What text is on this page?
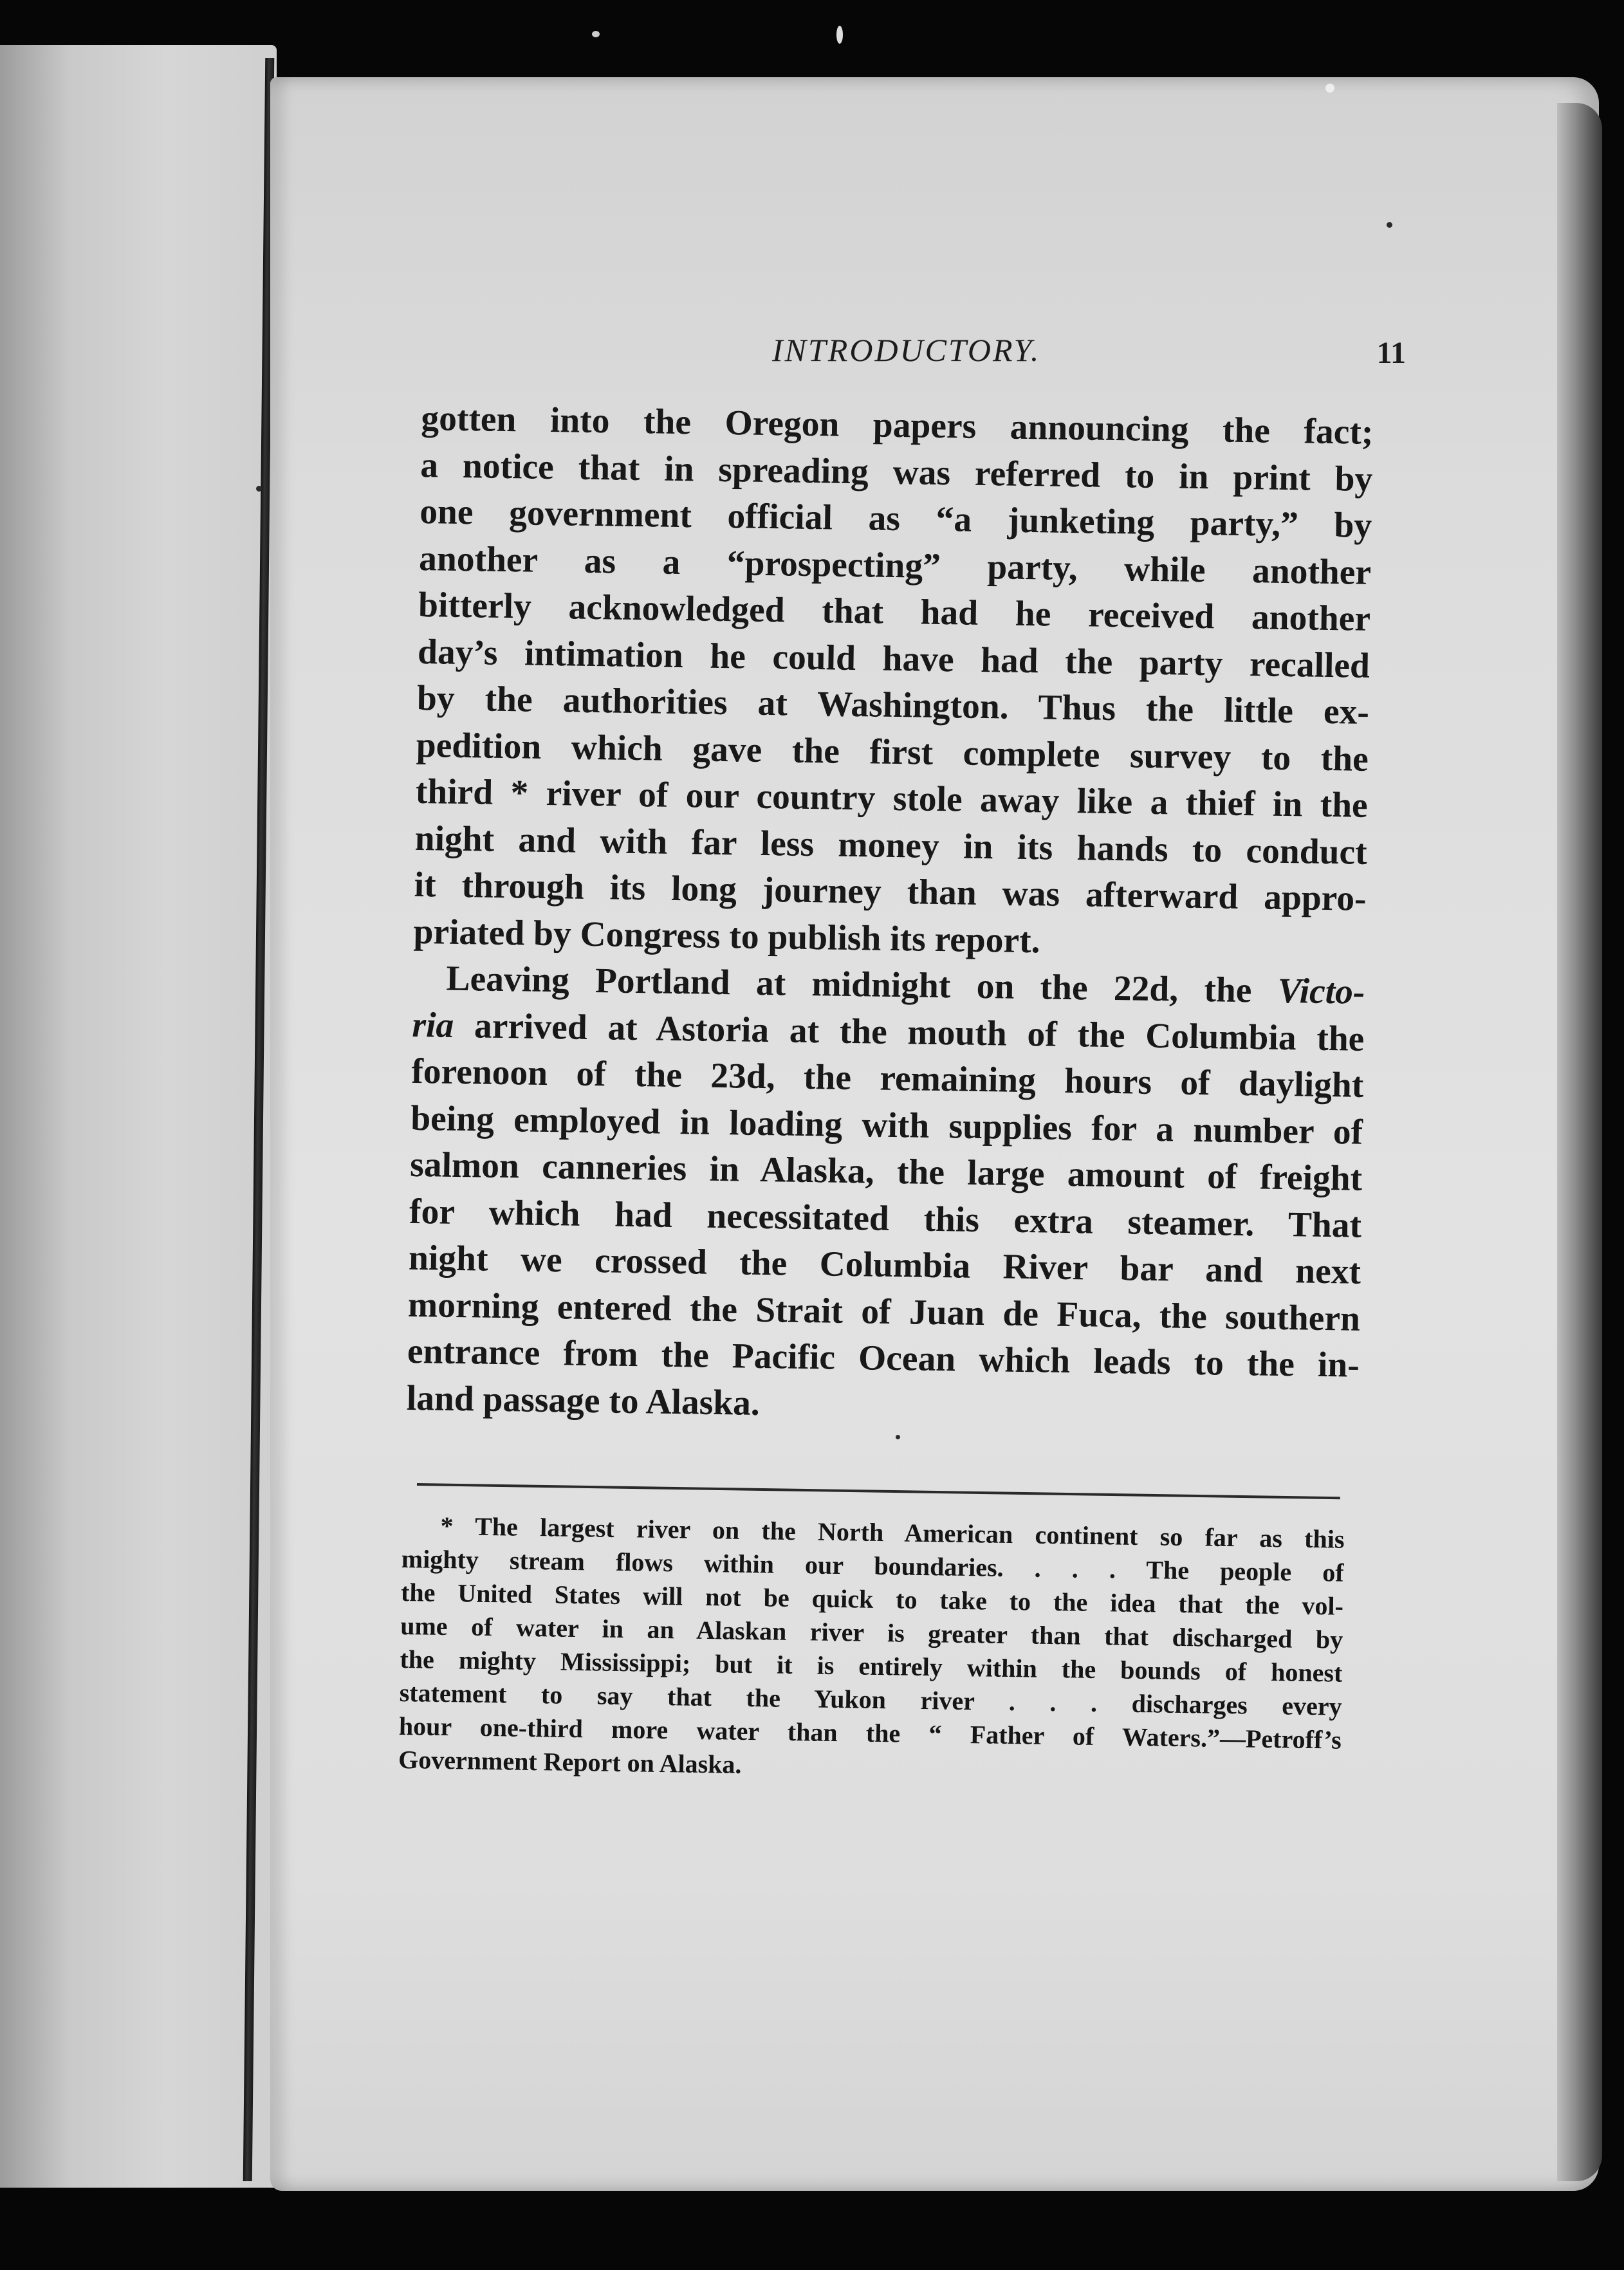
INTRODUCTORY.	11
gotten into the Oregon papers announcing the fact;
a notice that in spreading was referred to in print by
one government official as “a junketing party,” by
another as a “prospecting” party, while another
bitterly acknowledged that had he received another
day’s intimation he could have had the party recalled
by the authorities at Washington. Thus the little ex-
pedition which gave the first complete survey to the
third * river of our country stole away like a thief in the
night and with far less money in its hands to conduct
it through its long journey than was afterward appro-
priated by Congress to publish its report.
Leaving Portland at midnight on the 22d, the Victo-
ria arrived at Astoria at the mouth of the Columbia the
forenoon of the 23d, the remaining hours of daylight
being employed in loading with supplies for a number of
salmon canneries in Alaska, the large amount of freight
for which had necessitated this extra steamer. That
night we crossed the Columbia River bar and next
morning entered the Strait of Juan de Fuca, the southern
entrance from the Pacific Ocean which leads to the in-
land passage to Alaska.
* The largest river on the North American continent so far as this
mighty stream flows within our boundaries. . . . The people of
the United States will not be quick to take to the idea that the vol-
ume of water in an Alaskan river is greater than that discharged by
the mighty Mississippi; but it is entirely within the bounds of honest
statement to say that the Yukon river . . . discharges every
hour one-third more water than the “ Father of Waters.”—Petroff’s
Government Report on Alaska.
